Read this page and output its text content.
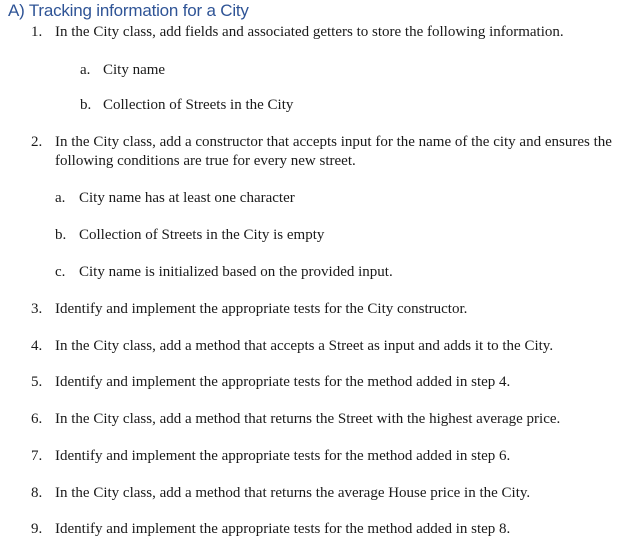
A) Tracking information for a City
1. In the City class, add fields and associated getters to store the following information.
a. City name
b. Collection of Streets in the City
2. In the City class, add a constructor that accepts input for the name of the city and ensures the following conditions are true for every new street.
a. City name has at least one character
b. Collection of Streets in the City is empty
c. City name is initialized based on the provided input.
3. Identify and implement the appropriate tests for the City constructor.
4. In the City class, add a method that accepts a Street as input and adds it to the City.
5. Identify and implement the appropriate tests for the method added in step 4.
6. In the City class, add a method that returns the Street with the highest average price.
7. Identify and implement the appropriate tests for the method added in step 6.
8. In the City class, add a method that returns the average House price in the City.
9. Identify and implement the appropriate tests for the method added in step 8.
